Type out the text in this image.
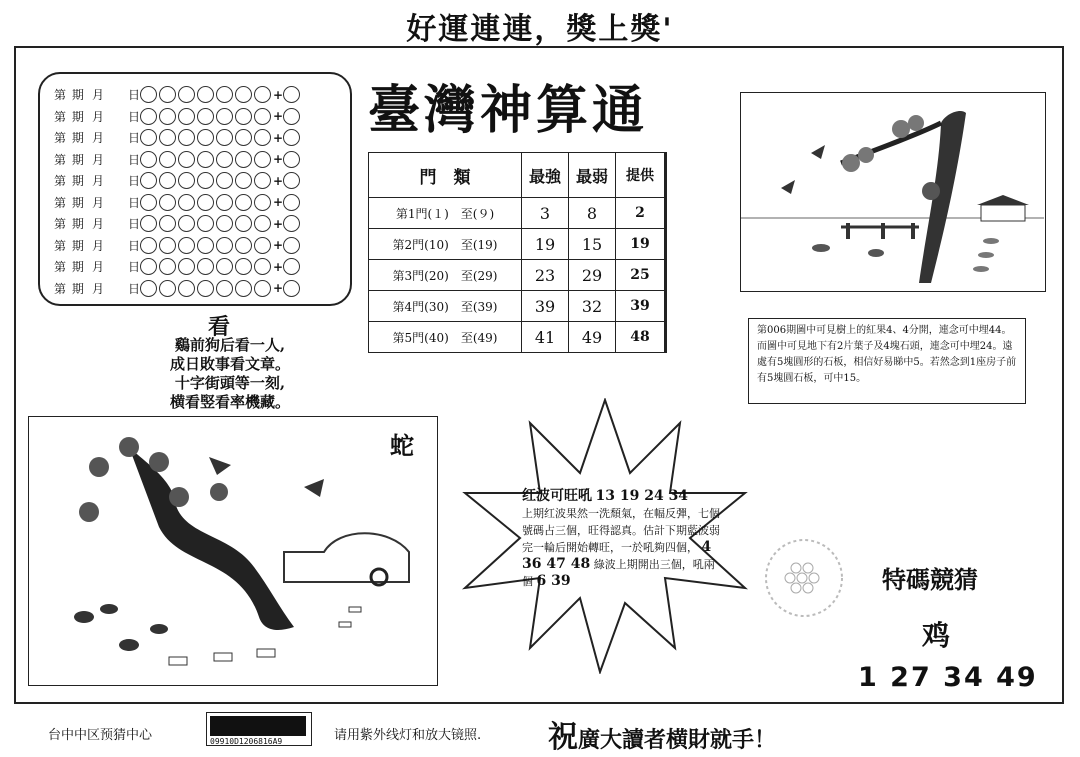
好運連連，獎上獎'
第 期 月	日	+
第 期 月	日	+
第 期 月	日	+
第 期 月	日	+
第 期 月	日	+
第 期 月	日	+
第 期 月	日	+
第 期 月	日	+
第 期 月	日	+
第 期 月	日	+
臺灣神算通
門　類	最強	最弱	提供
第1門(１)　至(９)	3	8	2
第2門(10)　至(19)	19	15	19
第3門(20)　至(29)	23	29	25
第4門(30)　至(39)	39	32	39
第5門(40)　至(49)	41	49	48
看
鷄前狗后看一人,
成日敗事看文章。
十字街頭等一刻,
横看竪看率機藏。
第006期圖中可見樹上的紅果4、4分開，連念可中埋44。而圖中可見地下有2片葉子及4塊石頭，連念可中埋24。遠處有5塊圓形的石板，相信好易睇中5。若然念到1座房子前有5塊圓石板，可中15。
蛇
红波可旺吼 13 19 24 34
上期红波果然一洗頹氣，在幅反彈，七個號碼占三個，旺得認真。估計下期藍波弱完一輪后開始轉旺，一於吼夠四個， 4 36 47 48 綠波上期開出三個，吼兩個 6 39	特碼競猜
鸡
1 27 34 49
台中中区预猜中心	09910D1206816A9	请用紫外线灯和放大镜照. 祝廣大讀者横財就手！
